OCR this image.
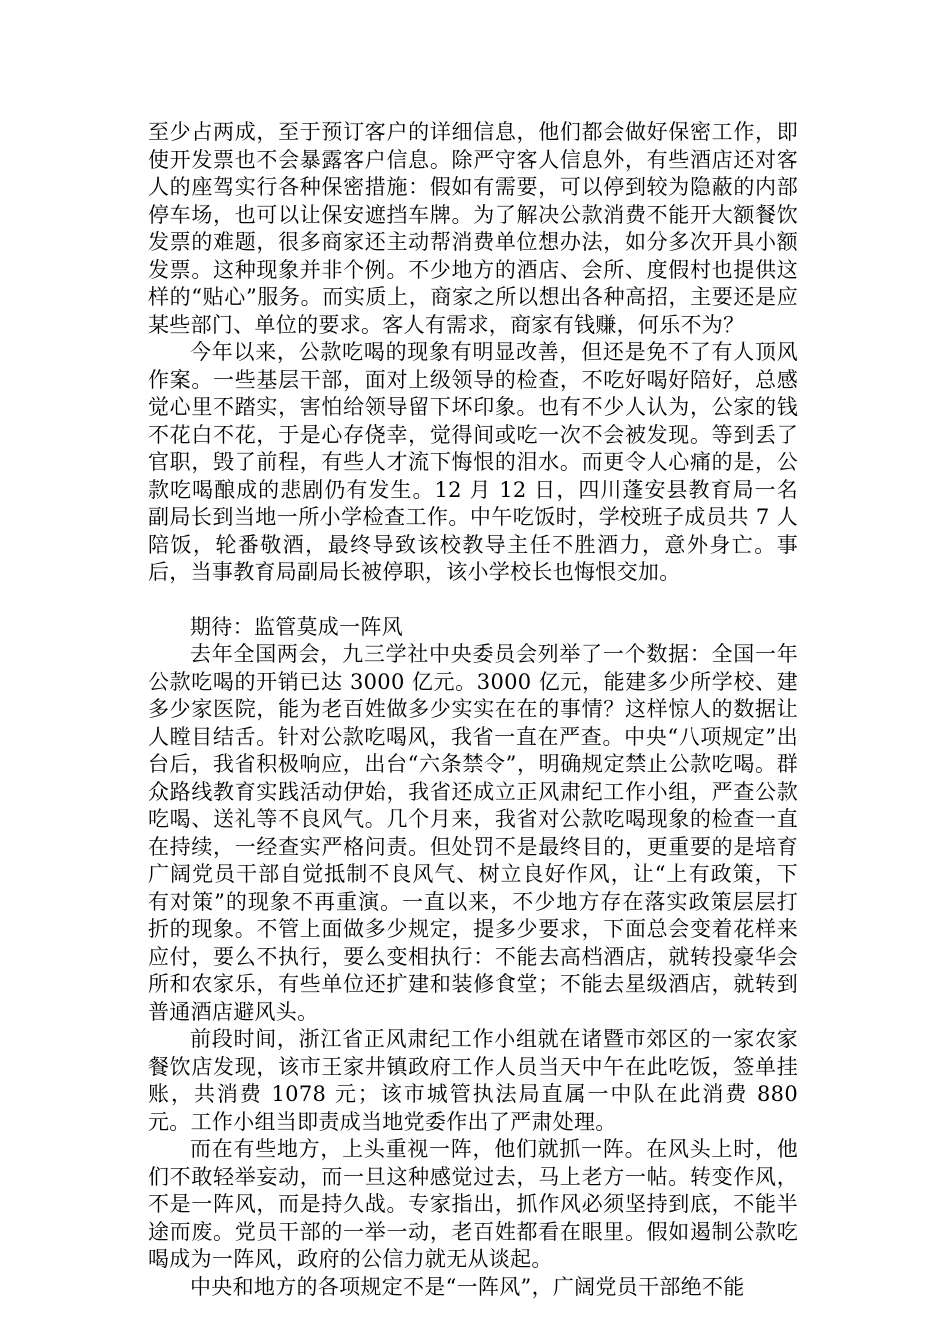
至少占两成，至于预订客户的详细信息，他们都会做好保密工作，即使开发票也不会暴露客户信息。除严守客人信息外，有些酒店还对客人的座驾实行各种保密措施：假如有需要，可以停到较为隐蔽的内部停车场，也可以让保安遮挡车牌。为了解决公款消费不能开大额餐饮发票的难题，很多商家还主动帮消费单位想办法，如分多次开具小额发票。这种现象并非个例。不少地方的酒店、会所、度假村也提供这样的“贴心”服务。而实质上，商家之所以想出各种高招，主要还是应某些部门、单位的要求。客人有需求，商家有钱赚，何乐不为？

今年以来，公款吃喝的现象有明显改善，但还是免不了有人顶风作案。一些基层干部，面对上级领导的检查，不吃好喝好陪好，总感觉心里不踏实，害怕给领导留下坏印象。也有不少人认为，公家的钱不花白不花，于是心存侥幸，觉得间或吃一次不会被发现。等到丢了官职，毁了前程，有些人才流下悔恨的泪水。而更令人心痛的是，公款吃喝酿成的悲剧仍有发生。12 月 12 日，四川蓬安县教育局一名副局长到当地一所小学检查工作。中午吃饭时，学校班子成员共 7 人陪饭，轮番敬酒，最终导致该校教导主任不胜酒力，意外身亡。事后，当事教育局副局长被停职，该小学校长也悔恨交加。

期待：监管莫成一阵风

去年全国两会，九三学社中央委员会列举了一个数据：全国一年公款吃喝的开销已达 3000 亿元。3000 亿元，能建多少所学校、建多少家医院，能为老百姓做多少实实在在的事情？这样惊人的数据让人瞠目结舌。针对公款吃喝风，我省一直在严查。中央“八项规定”出台后，我省积极响应，出台“六条禁令”，明确规定禁止公款吃喝。群众路线教育实践活动伊始，我省还成立正风肃纪工作小组，严查公款吃喝、送礼等不良风气。几个月来，我省对公款吃喝现象的检查一直在持续，一经查实严格问责。但处罚不是最终目的，更重要的是培育广阔党员干部自觉抵制不良风气、树立良好作风，让“上有政策，下有对策”的现象不再重演。一直以来，不少地方存在落实政策层层打折的现象。不管上面做多少规定，提多少要求，下面总会变着花样来应付，要么不执行，要么变相执行：不能去高档酒店，就转投豪华会所和农家乐，有些单位还扩建和装修食堂；不能去星级酒店，就转到普通酒店避风头。

前段时间，浙江省正风肃纪工作小组就在诸暨市郊区的一家农家餐饮店发现，该市王家井镇政府工作人员当天中午在此吃饭，签单挂账，共消费 1078 元；该市城管执法局直属一中队在此消费 880 元。工作小组当即责成当地党委作出了严肃处理。

而在有些地方，上头重视一阵，他们就抓一阵。在风头上时，他们不敢轻举妄动，而一旦这种感觉过去，马上老方一帖。转变作风，不是一阵风，而是持久战。专家指出，抓作风必须坚持到底，不能半途而废。党员干部的一举一动，老百姓都看在眼里。假如遏制公款吃喝成为一阵风，政府的公信力就无从谈起。

中央和地方的各项规定不是“一阵风”，广阔党员干部绝不能
